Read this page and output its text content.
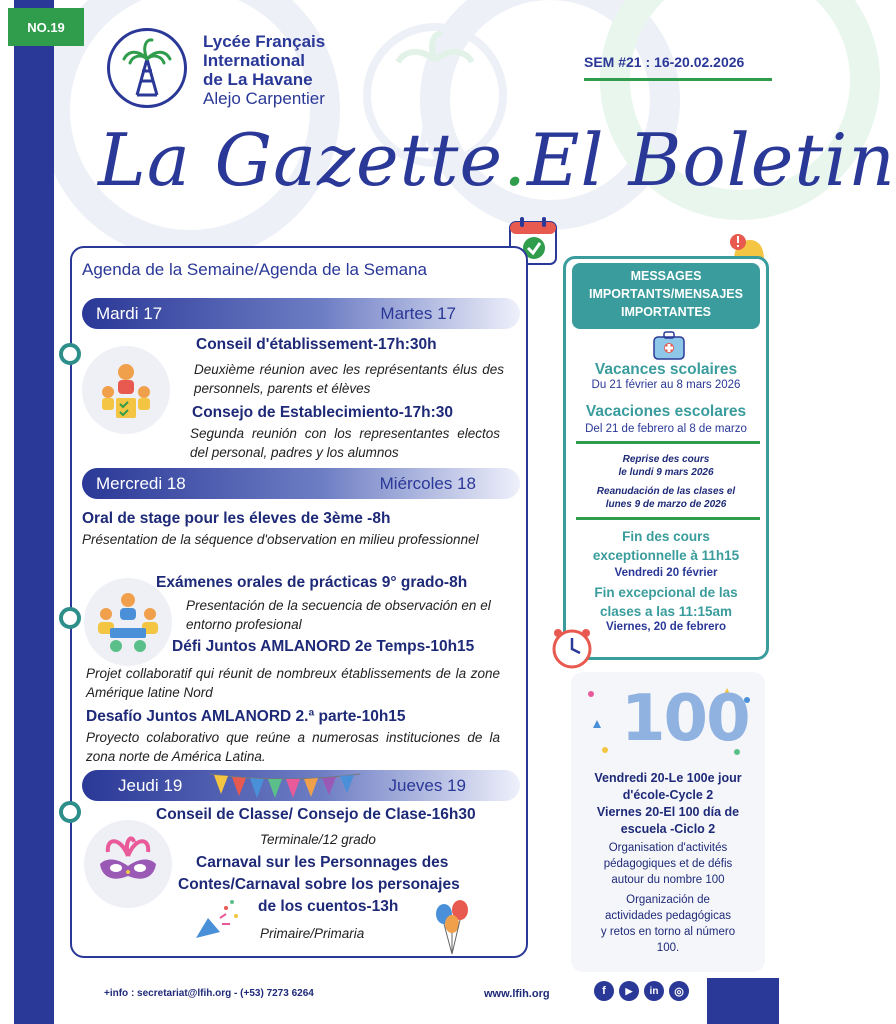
NO.19
Lycée Français
International
de La Havane
Alejo Carpentier
SEM #21 : 16-20.02.2026
La Gazette.El Boletin
Agenda de la Semaine/Agenda de la Semana
Mardi 17	Martes 17
Conseil d'établissement-17h:30h
Deuxième réunion avec les représentants élus des personnels, parents et élèves
Consejo de Establecimiento-17h:30
Segunda reunión con los representantes electos del personal, padres y los alumnos
Mercredi 18	Miércoles 18
Oral de stage pour les éleves de 3ème -8h
Présentation de la séquence d'observation en milieu professionnel
Exámenes orales de prácticas 9° grado-8h
Presentación de la secuencia de observación en el entorno profesional
Défi Juntos AMLANORD 2e Temps-10h15
Projet collaboratif qui réunit de nombreux établissements de la zone Amérique latine Nord
Desafío Juntos AMLANORD 2.ª parte-10h15
Proyecto colaborativo que reúne a numerosas instituciones de la zona norte de América Latina.
Jeudi 19	Jueves 19
Conseil de Classe/ Consejo de Clase-16h30
Terminale/12 grado
Carnaval sur les Personnages des
Contes/Carnaval sobre los personajes
de los cuentos-13h
Primaire/Primaria
MESSAGES
IMPORTANTS/MENSAJES
IMPORTANTES
Vacances scolaires
Du 21 février au 8 mars 2026
Vacaciones escolares
Del 21 de febrero al 8 de marzo
Reprise des cours
le lundi 9 mars 2026
Reanudación de las clases el
lunes 9 de marzo de 2026
Fin des cours
exceptionnelle à 11h15
Vendredi 20 février
Fin excepcional de las
clases a las 11:15am
Viernes, 20 de febrero
100
Vendredi 20-Le 100e jour
d'école-Cycle 2
Viernes 20-El 100 día de
escuela -Ciclo 2
Organisation d'activités
pédagogiques et de défis
autour du nombre 100
Organización de
actividades pedagógicas
y retos en torno al número
100.
+info : secretariat@lfih.org - (+53) 7273 6264	www.lfih.org	f	▶	in	◎
